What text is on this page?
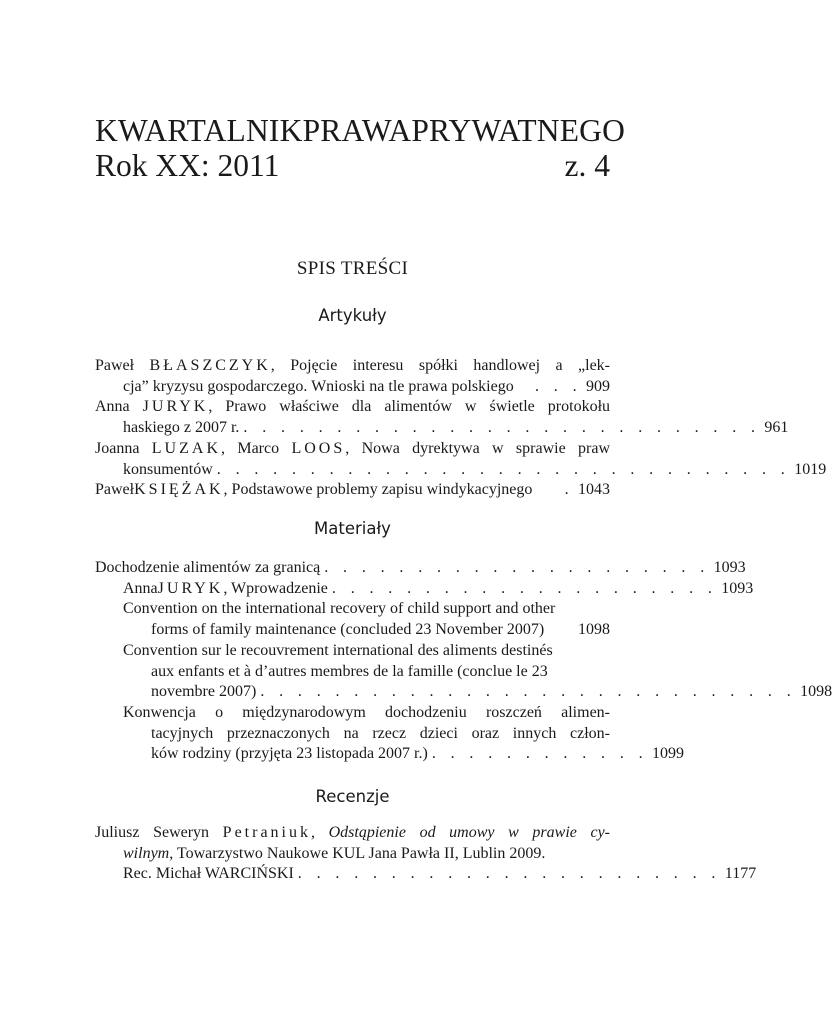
KWARTALNIK PRAWA PRYWATNEGO
Rok XX: 2011	z. 4
SPIS TREŚCI
Artykuły
Paweł BŁASZCZYK, Pojęcie interesu spółki handlowej a „lek-
cja” kryzysu gospodarczego. Wnioski na tle prawa polskiego	. . . 909
Anna JURYK, Prawo właściwe dla alimentów w świetle protokołu
haskiego z 2007 r. . . . . . . . . . . . . . . . . . . . . . . . . . . . . 961
Joanna LUZAK, Marco LOOS, Nowa dyrektywa w sprawie praw
konsumentów . . . . . . . . . . . . . . . . . . . . . . . . . . . . . . . 1019
Paweł KSIĘŻAK , Podstawowe problemy zapisu windykacyjnego	. 1043
Materiały
Dochodzenie alimentów za granicą . . . . . . . . . . . . . . . . . . . . . 1093
Anna JURYK , Wprowadzenie . . . . . . . . . . . . . . . . . . . . . 1093
Convention on the international recovery of child support and other
forms of family maintenance (concluded 23 November 2007) 1098
Convention sur le recouvrement international des aliments destinés
aux enfants et à d’autres membres de la famille (conclue le 23
novembre 2007) . . . . . . . . . . . . . . . . . . . . . . . . . . . . . 1098
Konwencja o międzynarodowym dochodzeniu roszczeń alimen-
tacyjnych przeznaczonych na rzecz dzieci oraz innych człon-
ków rodziny (przyjęta 23 listopada 2007 r.) . . . . . . . . . . . . 1099
Recenzje
Juliusz Seweryn Petraniuk, Odstąpienie od umowy w prawie cy-
wilnym , Towarzystwo Naukowe KUL Jana Pawła II, Lublin 2009.
Rec. Michał WARCIŃSKI . . . . . . . . . . . . . . . . . . . . . . . 1177
